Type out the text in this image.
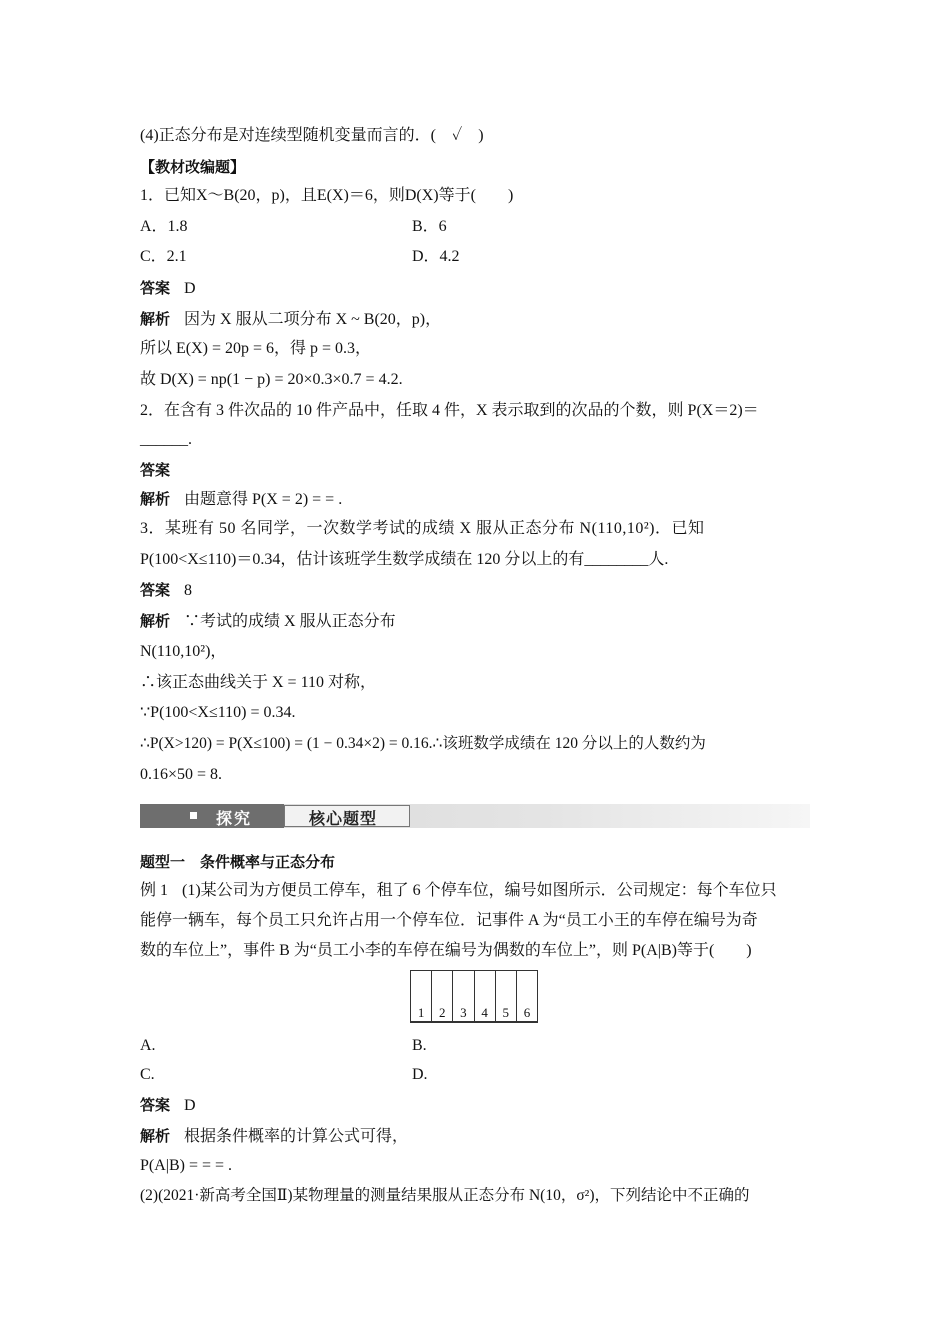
(4)正态分布是对连续型随机变量而言的．(　✓　)
【教材改编题】
1．已知X～B(20，p)，且E(X)＝6，则D(X)等于(　　)
A．1.8	B．6
C．2.1	D．4.2
答案 D
解析 因为 X 服从二项分布 X ~ B(20，p)，
所以 E(X) = 20p = 6，得 p = 0.3，
故 D(X) = np(1 − p) = 20×0.3×0.7 = 4.2.
2．在含有 3 件次品的 10 件产品中，任取 4 件，X 表示取到的次品的个数，则 P(X＝2)＝
______.
答案
解析 由题意得 P(X = 2) = = .
3．某班有 50 名同学，一次数学考试的成绩 X 服从正态分布 N(110,10²)．已知
P(100<X≤110)＝0.34，估计该班学生数学成绩在 120 分以上的有________人.
答案 8
解析 ∵考试的成绩 X 服从正态分布
N(110,10²)，
∴该正态曲线关于 X = 110 对称，
∵P(100<X≤110) = 0.34.
∴P(X>120) = P(X≤100) = (1 − 0.34×2) = 0.16.∴该班数学成绩在 120 分以上的人数约为
0.16×50 = 8.
探究	核心题型
题型一　条件概率与正态分布
例 1 (1)某公司为方便员工停车，租了 6 个停车位，编号如图所示．公司规定：每个车位只
能停一辆车，每个员工只允许占用一个停车位．记事件 A 为“员工小王的车停在编号为奇
数的车位上”，事件 B 为“员工小李的车停在编号为偶数的车位上”，则 P(A|B)等于(　　)
1	2	3	4	5	6
A.	B.
C.	D.
答案 D
解析 根据条件概率的计算公式可得，
P(A|B) = = = .
(2)(2021·新高考全国Ⅱ)某物理量的测量结果服从正态分布 N(10，σ²)，下列结论中不正确的
